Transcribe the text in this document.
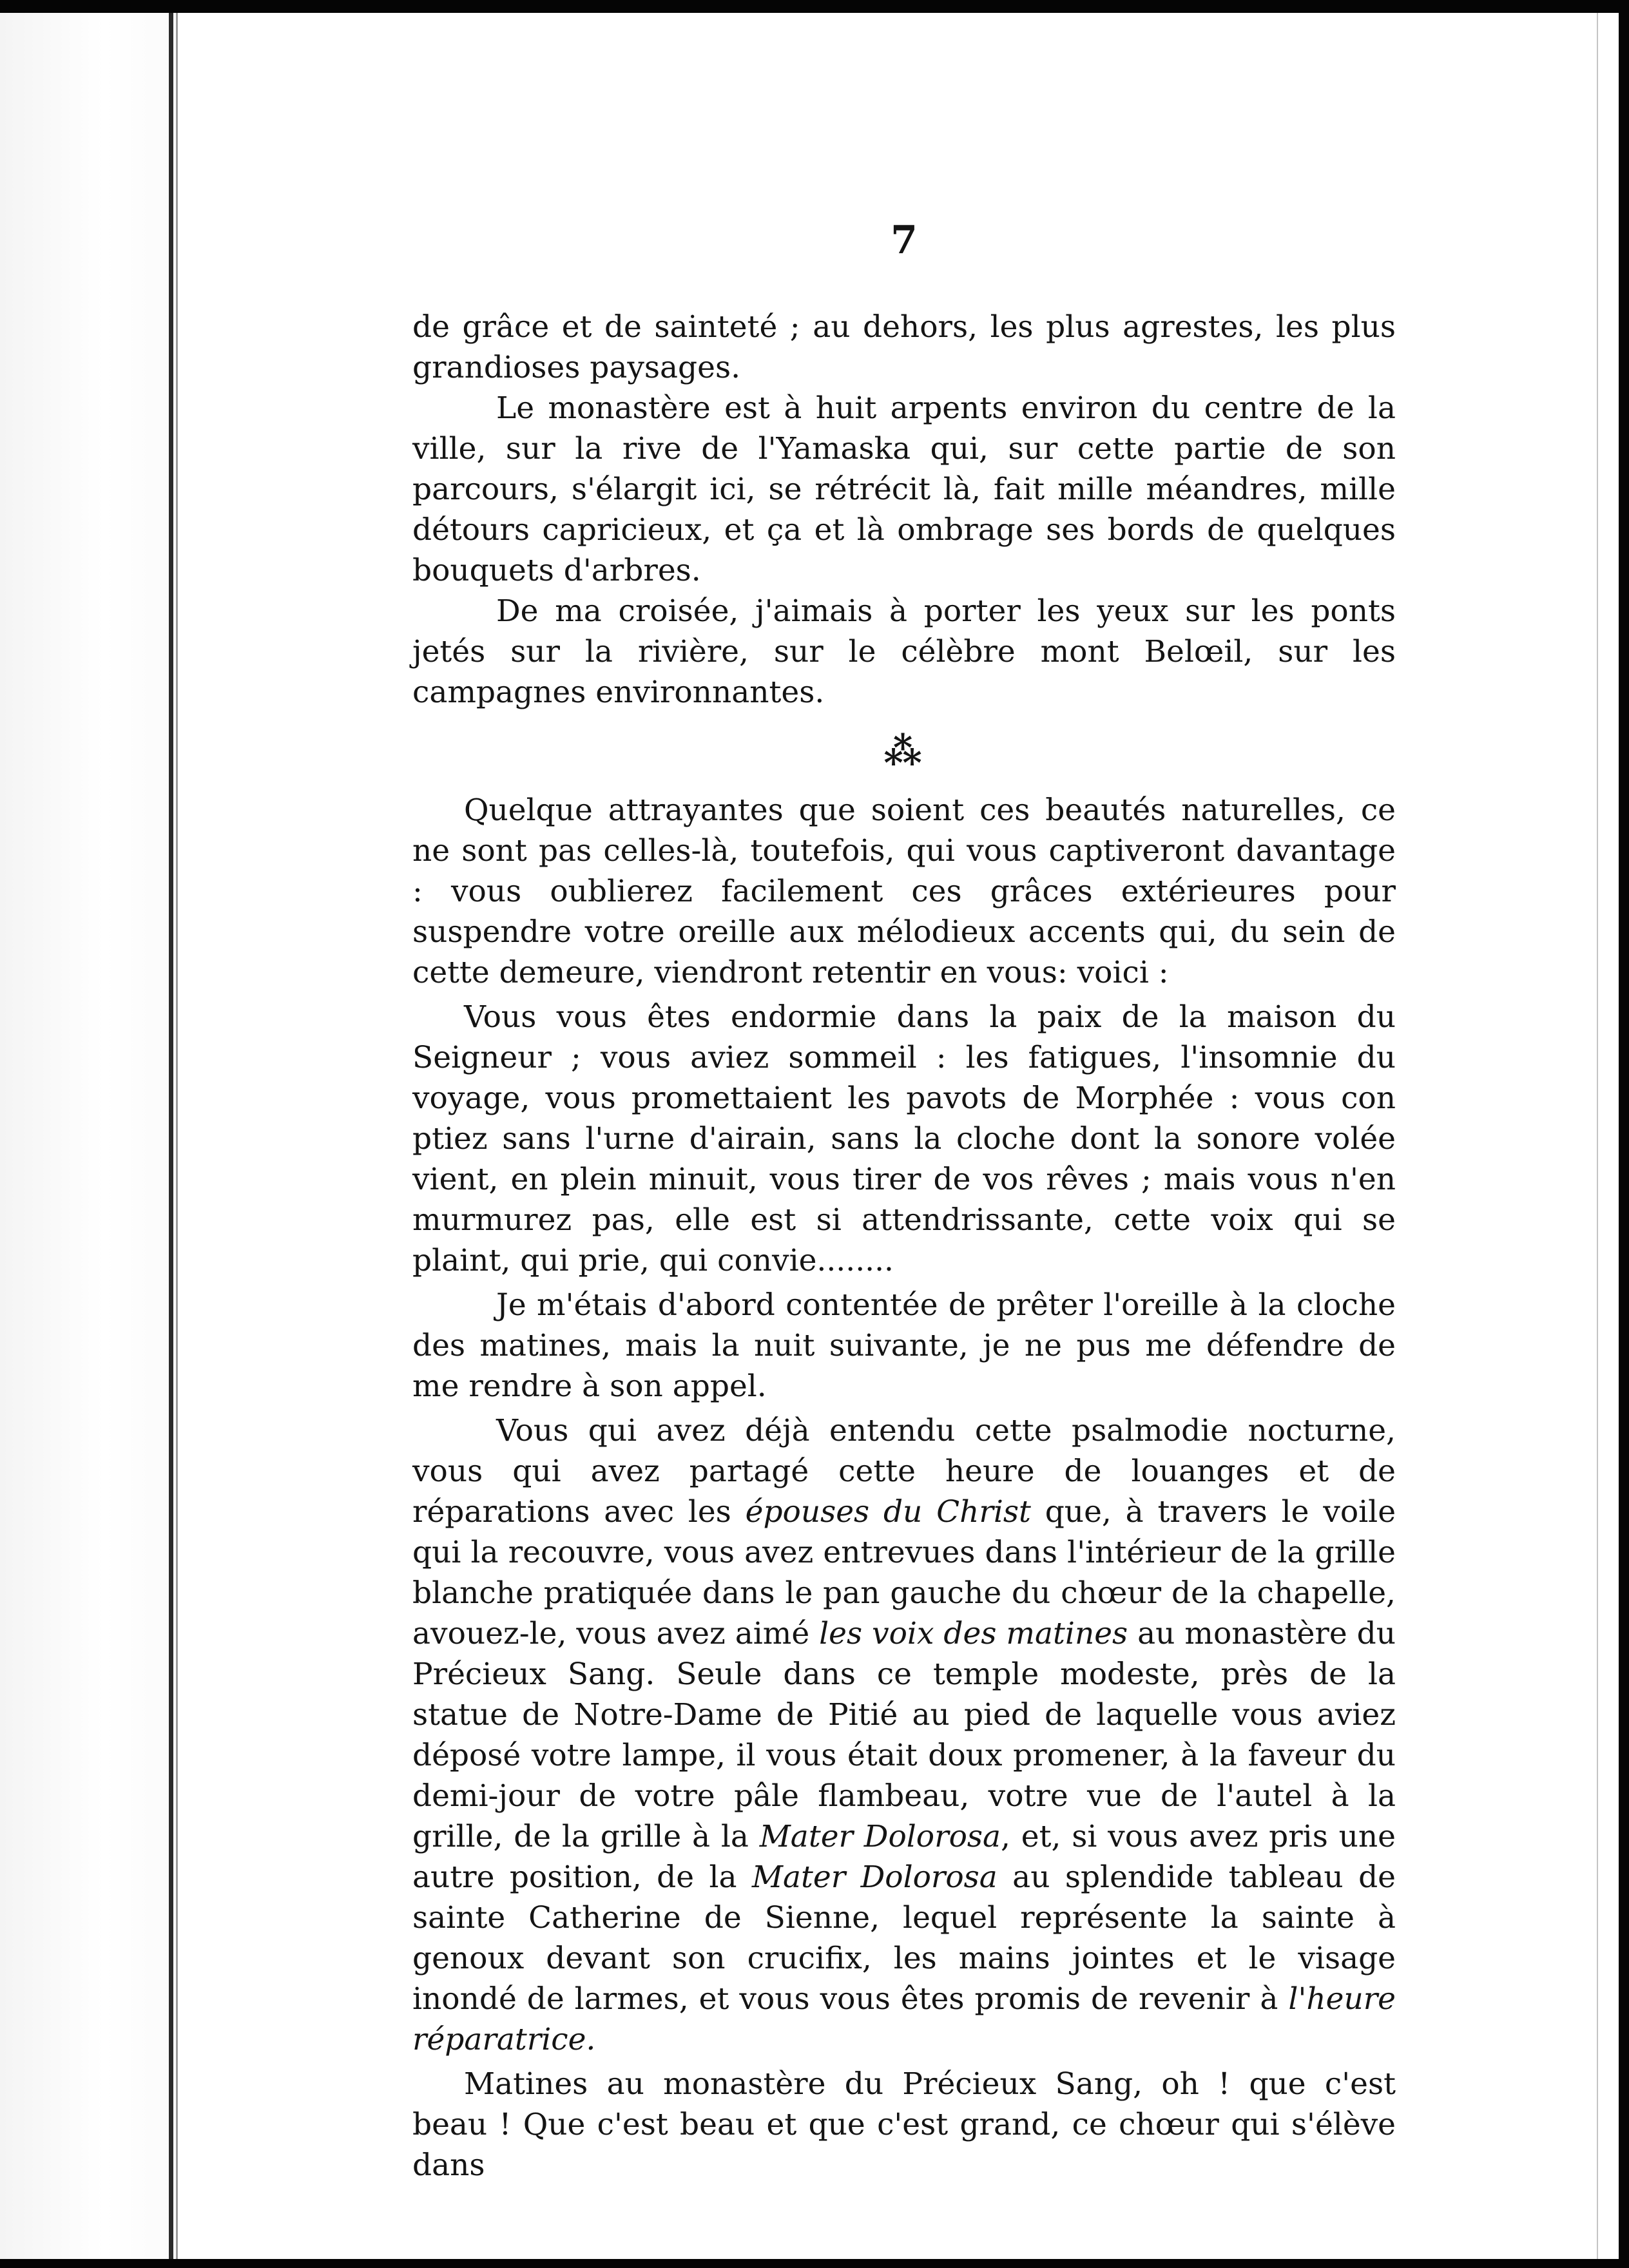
7

de grâce et de sainteté ; au dehors, les plus agrestes, les plus grandioses paysages.

Le monastère est à huit arpents environ du centre de la ville, sur la rive de l'Yamaska qui, sur cette partie de son parcours, s'élargit ici, se rétrécit là, fait mille méandres, mille détours capricieux, et ça et là ombrage ses bords de quelques bouquets d'arbres.

De ma croisée, j'aimais à porter les yeux sur les ponts jetés sur la rivière, sur le célèbre mont Belœil, sur les campagnes environnantes.

⁂

Quelque attrayantes que soient ces beautés naturelles, ce ne sont pas celles-là, toutefois, qui vous captiveront davantage : vous oublierez facilement ces grâces extérieures pour suspendre votre oreille aux mélodieux accents qui, du sein de cette demeure, viendront retentir en vous: voici :

Vous vous êtes endormie dans la paix de la maison du Seigneur ; vous aviez sommeil : les fatigues, l'insomnie du voyage, vous promettaient les pavots de Morphée : vous con ptiez sans l'urne d'airain, sans la cloche dont la sonore volée vient, en plein minuit, vous tirer de vos rêves ; mais vous n'en murmurez pas, elle est si attendrissante, cette voix qui se plaint, qui prie, qui convie........

Je m'étais d'abord contentée de prêter l'oreille à la cloche des matines, mais la nuit suivante, je ne pus me défendre de me rendre à son appel.

Vous qui avez déjà entendu cette psalmodie nocturne, vous qui avez partagé cette heure de louanges et de réparations avec les épouses du Christ que, à travers le voile qui la recouvre, vous avez entrevues dans l'intérieur de la grille blanche pratiquée dans le pan gauche du chœur de la chapelle, avouez-le, vous avez aimé les voix des matines au monastère du Précieux Sang. Seule dans ce temple modeste, près de la statue de Notre-Dame de Pitié au pied de laquelle vous aviez déposé votre lampe, il vous était doux promener, à la faveur du demi-jour de votre pâle flambeau, votre vue de l'autel à la grille, de la grille à la Mater Dolorosa, et, si vous avez pris une autre position, de la Mater Dolorosa au splendide tableau de sainte Catherine de Sienne, lequel représente la sainte à genoux devant son crucifix, les mains jointes et le visage inondé de larmes, et vous vous êtes promis de revenir à l'heure réparatrice.

Matines au monastère du Précieux Sang, oh ! que c'est beau ! Que c'est beau et que c'est grand, ce chœur qui s'élève dans
